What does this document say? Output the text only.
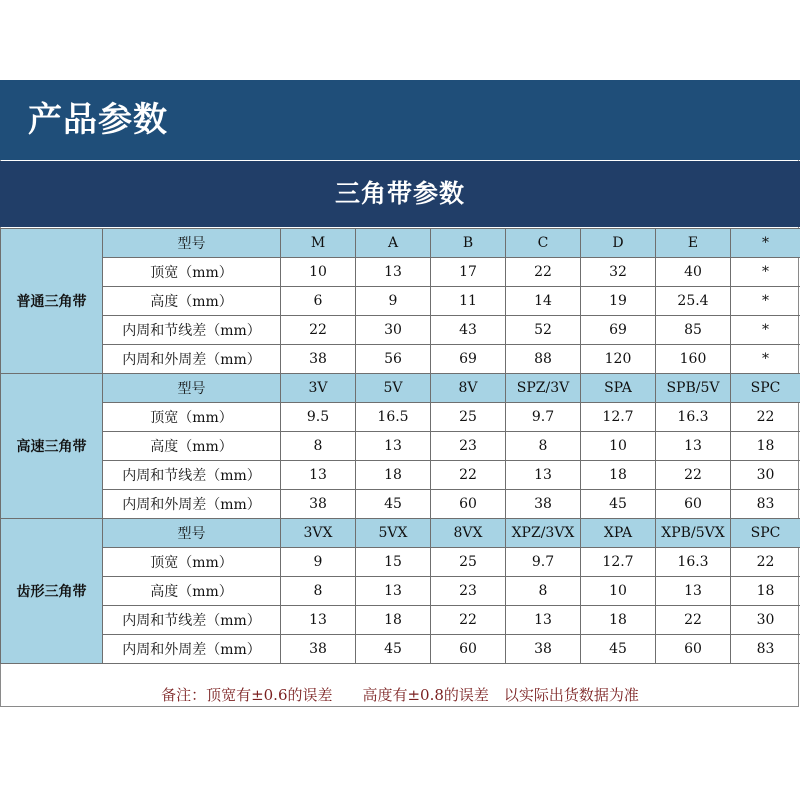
产品参数
三角带参数
普通三角带	型号	M	A	B	C	D	E	*
	顶宽（mm）	10	13	17	22	32	40	*
	高度（mm）	6	9	11	14	19	25.4	*
	内周和节线差（mm）	22	30	43	52	69	85	*
	内周和外周差（mm）	38	56	69	88	120	160	*
高速三角带	型号	3V	5V	8V	SPZ/3V	SPA	SPB/5V	SPC
	顶宽（mm）	9.5	16.5	25	9.7	12.7	16.3	22
	高度（mm）	8	13	23	8	10	13	18
	内周和节线差（mm）	13	18	22	13	18	22	30
	内周和外周差（mm）	38	45	60	38	45	60	83
齿形三角带	型号	3VX	5VX	8VX	XPZ/3VX	XPA	XPB/5VX	SPC
	顶宽（mm）	9	15	25	9.7	12.7	16.3	22
	高度（mm）	8	13	23	8	10	13	18
	内周和节线差（mm）	13	18	22	13	18	22	30
	内周和外周差（mm）	38	45	60	38	45	60	83
备注：顶宽有±0.6的误差　　高度有±0.8的误差　以实际出货数据为准
